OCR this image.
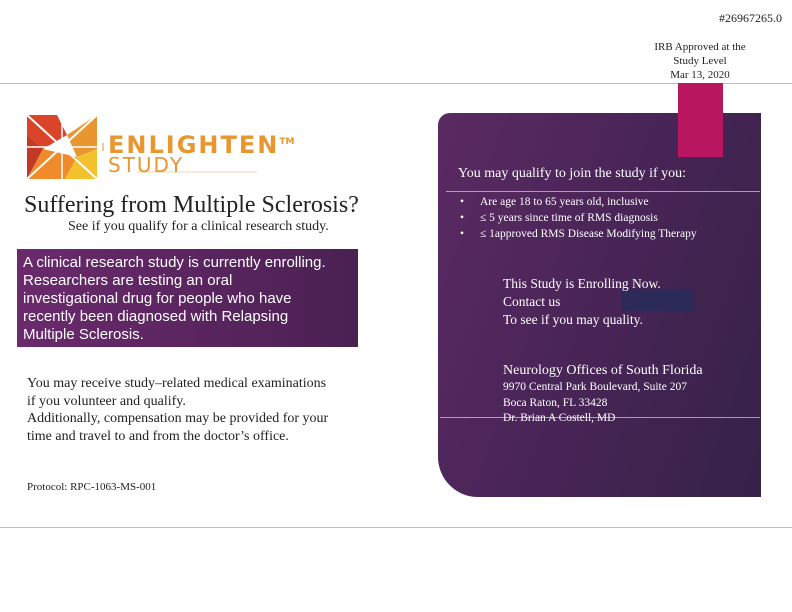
#26967265.0
IRB Approved at the
Study Level
Mar 13, 2020
ENLIGHTEN™
STUDY
Suffering from Multiple Sclerosis?
See if you qualify for a clinical research study.
A clinical research study is currently enrolling.
Researchers are testing an oral
investigational drug for people who have
recently been diagnosed with Relapsing
Multiple Sclerosis.
You may receive study–related medical examinations
if you volunteer and qualify.
Additionally, compensation may be provided for your
time and travel to and from the doctor’s office.
Protocol: RPC-1063-MS-001
You may qualify to join the study if you:
• Are age 18 to 65 years old, inclusive
• ≤ 5 years since time of RMS diagnosis
• ≤ 1approved RMS Disease Modifying Therapy
This Study is Enrolling Now.
Contact us
To see if you may quality.
Neurology Offices of South Florida
9970 Central Park Boulevard, Suite 207
Boca Raton, FL 33428
Dr. Brian A Costell, MD
